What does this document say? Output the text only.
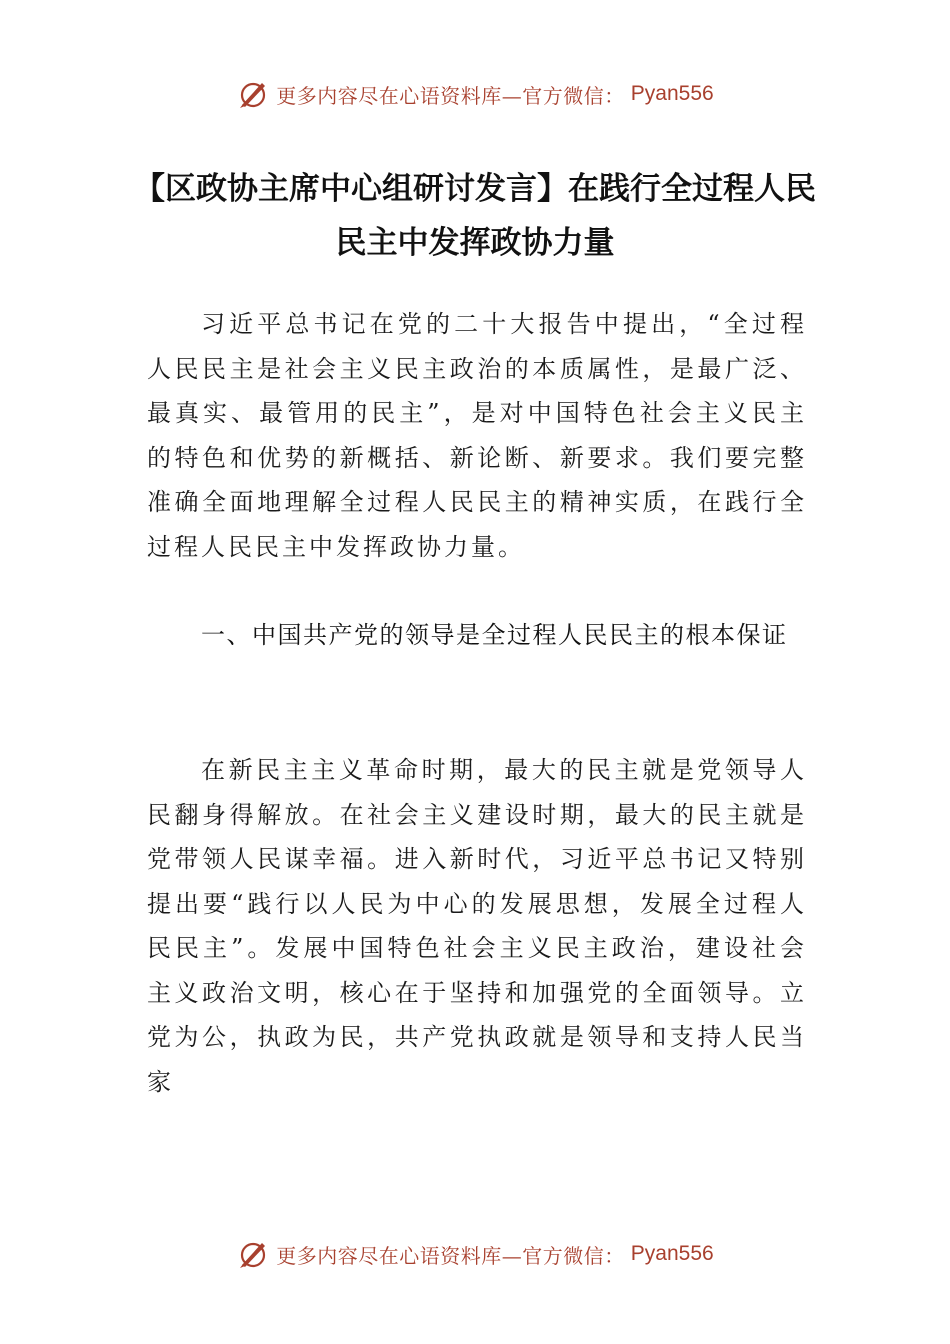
更多内容尽在心语资料库—官方微信： Pyan556
【区政协主席中心组研讨发言】在践行全过程人民民主中发挥政协力量
习近平总书记在党的二十大报告中提出，“全过程人民民主是社会主义民主政治的本质属性，是最广泛、最真实、最管用的民主”，是对中国特色社会主义民主的特色和优势的新概括、新论断、新要求。我们要完整准确全面地理解全过程人民民主的精神实质，在践行全过程人民民主中发挥政协力量。
一、中国共产党的领导是全过程人民民主的根本保证
在新民主主义革命时期，最大的民主就是党领导人民翻身得解放。在社会主义建设时期，最大的民主就是党带领人民谋幸福。进入新时代，习近平总书记又特别提出要“践行以人民为中心的发展思想，发展全过程人民民主”。发展中国特色社会主义民主政治，建设社会主义政治文明，核心在于坚持和加强党的全面领导。立党为公，执政为民，共产党执政就是领导和支持人民当家
更多内容尽在心语资料库—官方微信： Pyan556
